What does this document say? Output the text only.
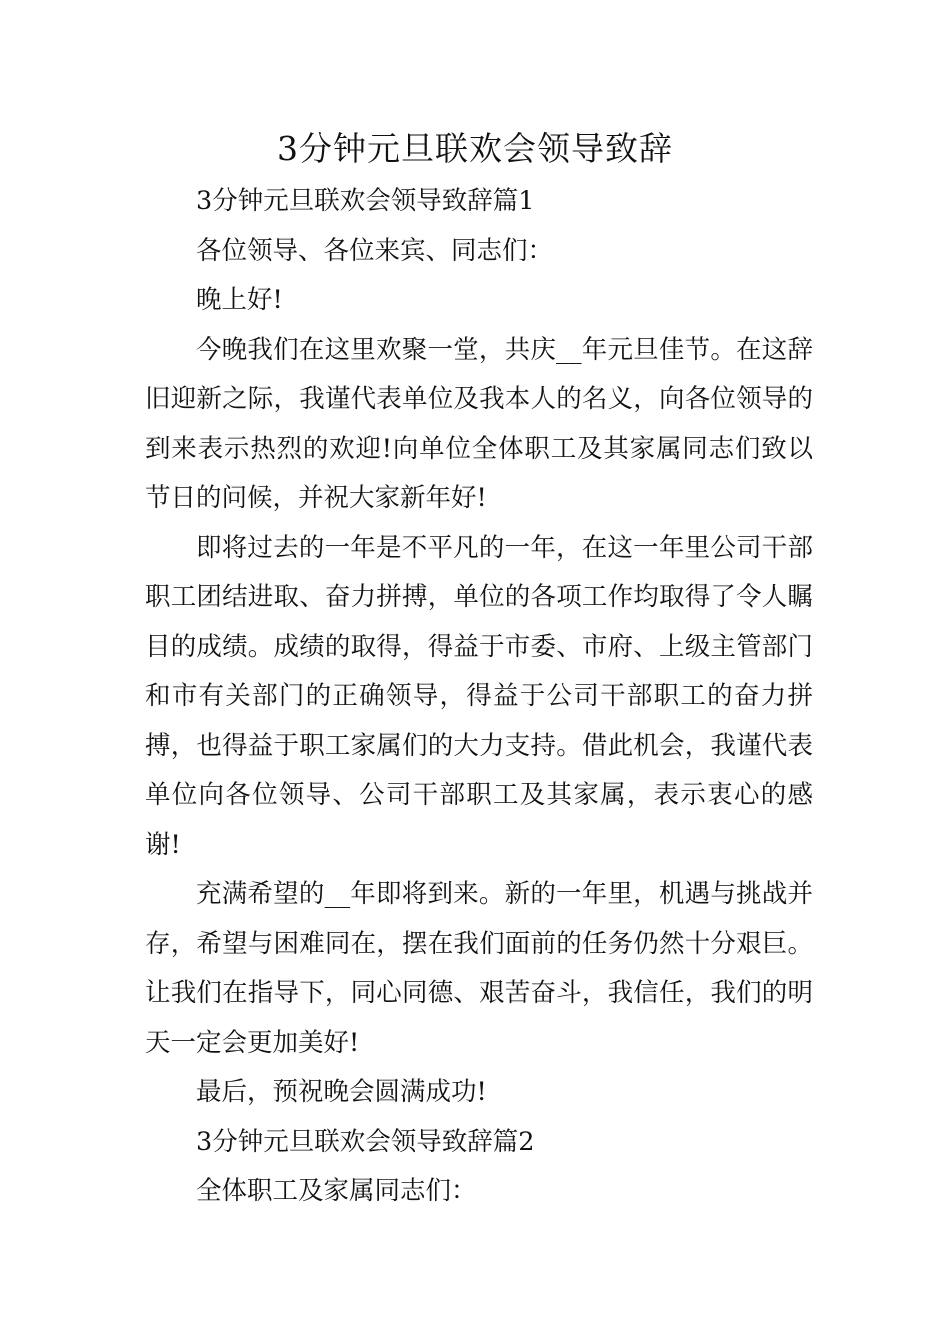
3分钟元旦联欢会领导致辞

3分钟元旦联欢会领导致辞篇1

各位领导、各位来宾、同志们：

晚上好!

今晚我们在这里欢聚一堂，共庆__年元旦佳节。在这辞旧迎新之际，我谨代表单位及我本人的名义，向各位领导的到来表示热烈的欢迎!向单位全体职工及其家属同志们致以节日的问候，并祝大家新年好!

即将过去的一年是不平凡的一年，在这一年里公司干部职工团结进取、奋力拼搏，单位的各项工作均取得了令人瞩目的成绩。成绩的取得，得益于市委、市府、上级主管部门和市有关部门的正确领导，得益于公司干部职工的奋力拼搏，也得益于职工家属们的大力支持。借此机会，我谨代表单位向各位领导、公司干部职工及其家属，表示衷心的感谢!

充满希望的__年即将到来。新的一年里，机遇与挑战并存，希望与困难同在，摆在我们面前的任务仍然十分艰巨。让我们在指导下，同心同德、艰苦奋斗，我信任，我们的明天一定会更加美好!

最后，预祝晚会圆满成功!

3分钟元旦联欢会领导致辞篇2

全体职工及家属同志们：
